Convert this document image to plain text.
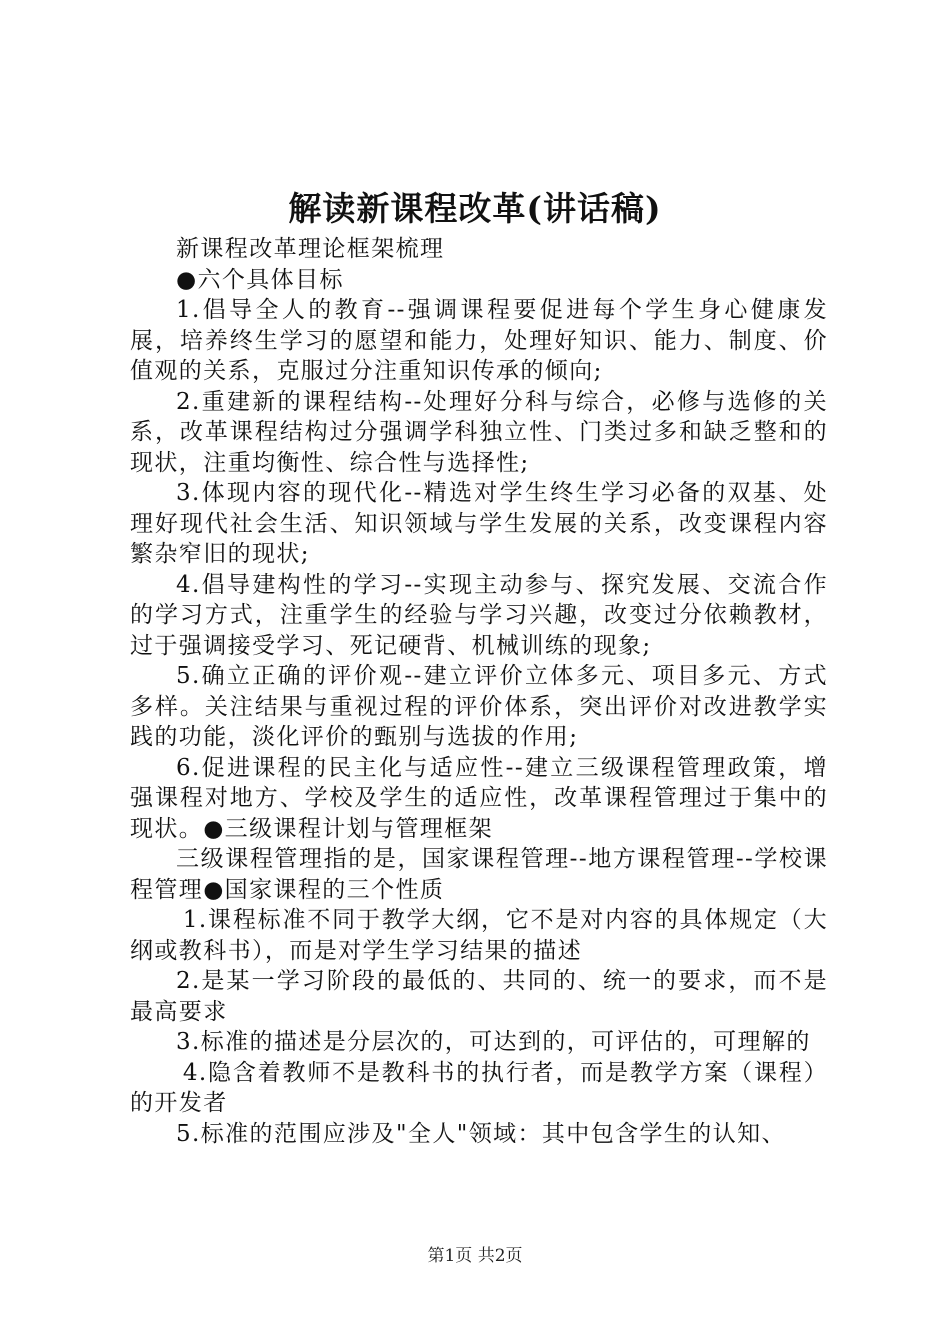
解读新课程改革(讲话稿)

新课程改革理论框架梳理

●六个具体目标

1.倡导全人的教育--强调课程要促进每个学生身心健康发展，培养终生学习的愿望和能力，处理好知识、能力、制度、价值观的关系，克服过分注重知识传承的倾向;

2.重建新的课程结构--处理好分科与综合，必修与选修的关系，改革课程结构过分强调学科独立性、门类过多和缺乏整和的现状，注重均衡性、综合性与选择性;

3.体现内容的现代化--精选对学生终生学习必备的双基、处理好现代社会生活、知识领域与学生发展的关系，改变课程内容繁杂窄旧的现状;

4.倡导建构性的学习--实现主动参与、探究发展、交流合作的学习方式，注重学生的经验与学习兴趣，改变过分依赖教材，过于强调接受学习、死记硬背、机械训练的现象;

5.确立正确的评价观--建立评价立体多元、项目多元、方式多样。关注结果与重视过程的评价体系，突出评价对改进教学实践的功能，淡化评价的甄别与选拔的作用;

6.促进课程的民主化与适应性--建立三级课程管理政策，增强课程对地方、学校及学生的适应性，改革课程管理过于集中的现状。●三级课程计划与管理框架

三级课程管理指的是，国家课程管理--地方课程管理--学校课程管理●国家课程的三个性质

1.课程标准不同于教学大纲，它不是对内容的具体规定（大纲或教科书），而是对学生学习结果的描述

2.是某一学习阶段的最低的、共同的、统一的要求，而不是最高要求

3.标准的描述是分层次的，可达到的，可评估的，可理解的

4.隐含着教师不是教科书的执行者，而是教学方案（课程）的开发者

5.标准的范围应涉及"全人"领域：其中包含学生的认知、

第1页 共2页
